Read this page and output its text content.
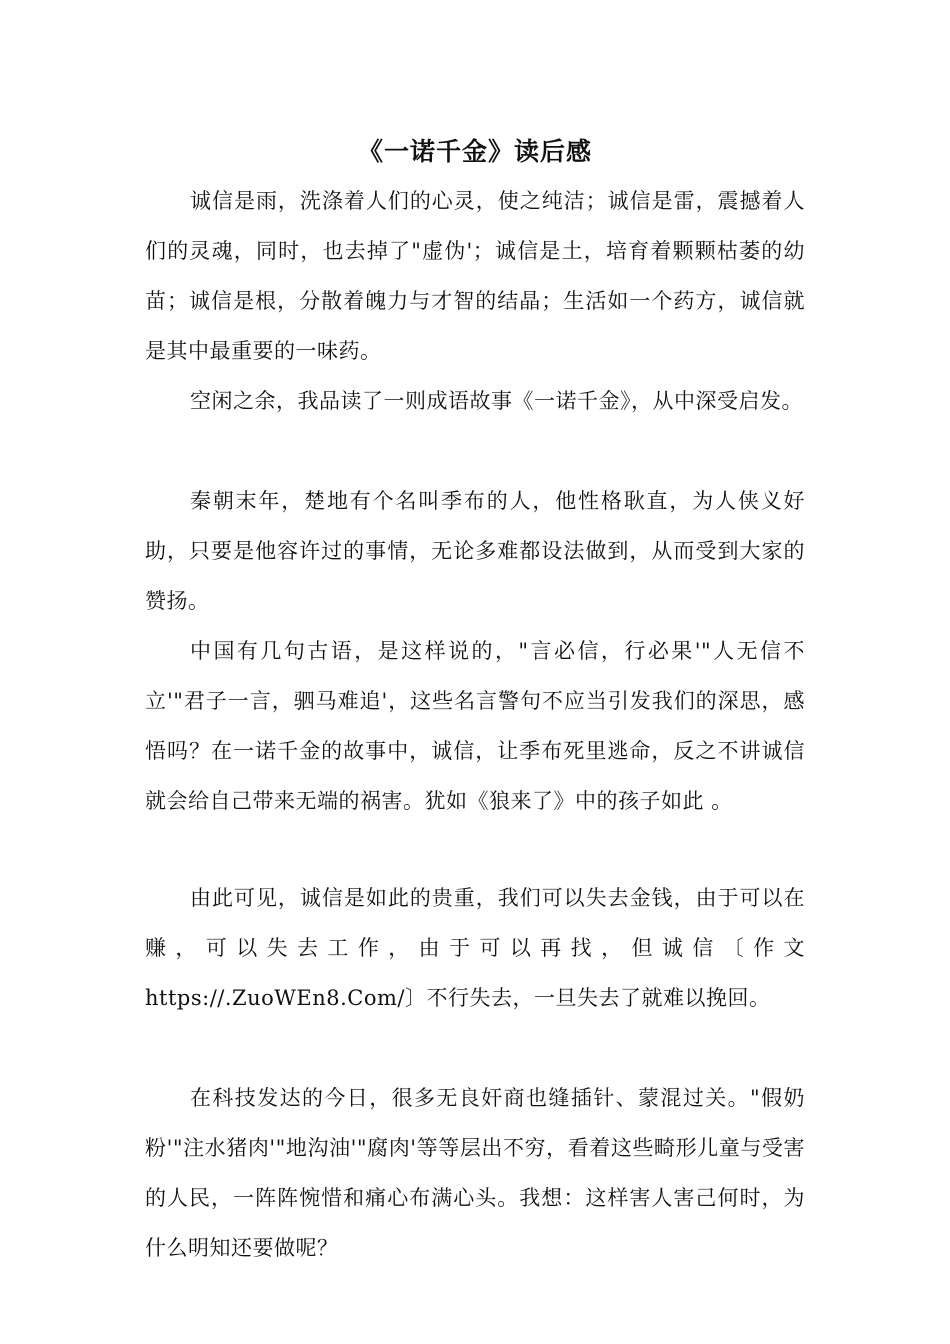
《一诺千金》读后感

诚信是雨，洗涤着人们的心灵，使之纯洁；诚信是雷，震撼着人们的灵魂，同时，也去掉了"虚伪'；诚信是土，培育着颗颗枯萎的幼苗；诚信是根，分散着魄力与才智的结晶；生活如一个药方，诚信就是其中最重要的一味药。

空闲之余，我品读了一则成语故事《一诺千金》，从中深受启发。

秦朝末年，楚地有个名叫季布的人，他性格耿直，为人侠义好助，只要是他容许过的事情，无论多难都设法做到，从而受到大家的赞扬。

中国有几句古语，是这样说的，"言必信，行必果'"人无信不立'"君子一言，驷马难追'，这些名言警句不应当引发我们的深思，感悟吗？在一诺千金的故事中，诚信，让季布死里逃命，反之不讲诚信就会给自己带来无端的祸害。犹如《狼来了》中的孩子如此 。

由此可见，诚信是如此的贵重，我们可以失去金钱，由于可以在赚，可以失去工作，由于可以再找，但诚信〔作文https://.ZuoWEn8.Com/〕不行失去，一旦失去了就难以挽回。

在科技发达的今日，很多无良奸商也缝插针、蒙混过关。"假奶粉'"注水猪肉'"地沟油'"腐肉'等等层出不穷，看着这些畸形儿童与受害的人民，一阵阵惋惜和痛心布满心头。我想：这样害人害己何时，为什么明知还要做呢？
